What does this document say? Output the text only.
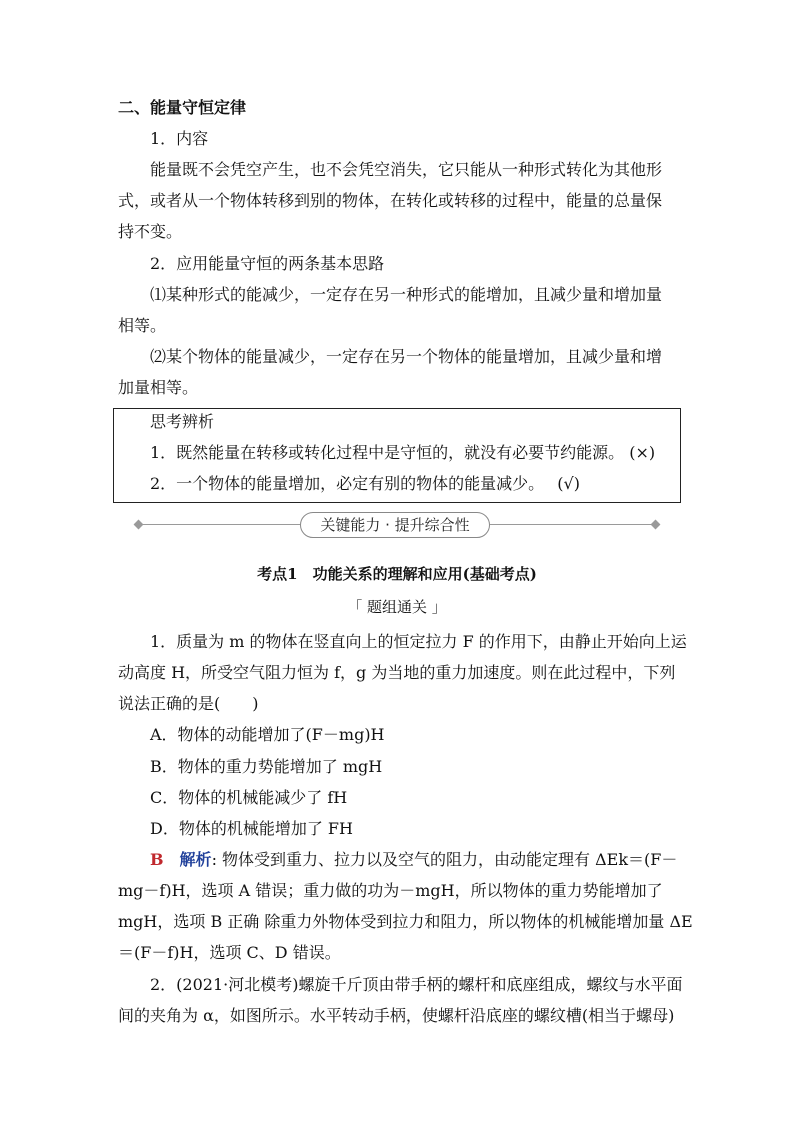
二、能量守恒定律
1．内容
能量既不会凭空产生，也不会凭空消失，它只能从一种形式转化为其他形
式，或者从一个物体转移到别的物体，在转化或转移的过程中，能量的总量保
持不变。
2．应用能量守恒的两条基本思路
⑴某种形式的能减少，一定存在另一种形式的能增加，且减少量和增加量
相等。
⑵某个物体的能量减少，一定存在另一个物体的能量增加，且减少量和增
加量相等。
思考辨析
1．既然能量在转移或转化过程中是守恒的，就没有必要节约能源。 (×)
2．一个物体的能量增加，必定有别的物体的能量减少。　 (√)
关键能力 · 提升综合性
考点1　功能关系的理解和应用(基础考点)
「 题组通关 」
1．质量为 m 的物体在竖直向上的恒定拉力 F 的作用下，由静止开始向上运
动高度 H，所受空气阻力恒为 f，g 为当地的重力加速度。则在此过程中，下列
说法正确的是(　　)
A．物体的动能增加了(F－mg)H
B．物体的重力势能增加了 mgH
C．物体的机械能减少了 fH
D．物体的机械能增加了 FH
B　 解析: 物体受到重力、拉力以及空气的阻力，由动能定理有 ΔEk＝(F－
mg－f)H，选项 A 错误；重力做的功为－mgH，所以物体的重力势能增加了
mgH，选项 B 正确 除重力外物体受到拉力和阻力，所以物体的机械能增加量 ΔE
＝(F－f)H，选项 C、D 错误。
2．(2021·河北模考)螺旋千斤顶由带手柄的螺杆和底座组成，螺纹与水平面
间的夹角为 α，如图所示。水平转动手柄，使螺杆沿底座的螺纹槽(相当于螺母)
